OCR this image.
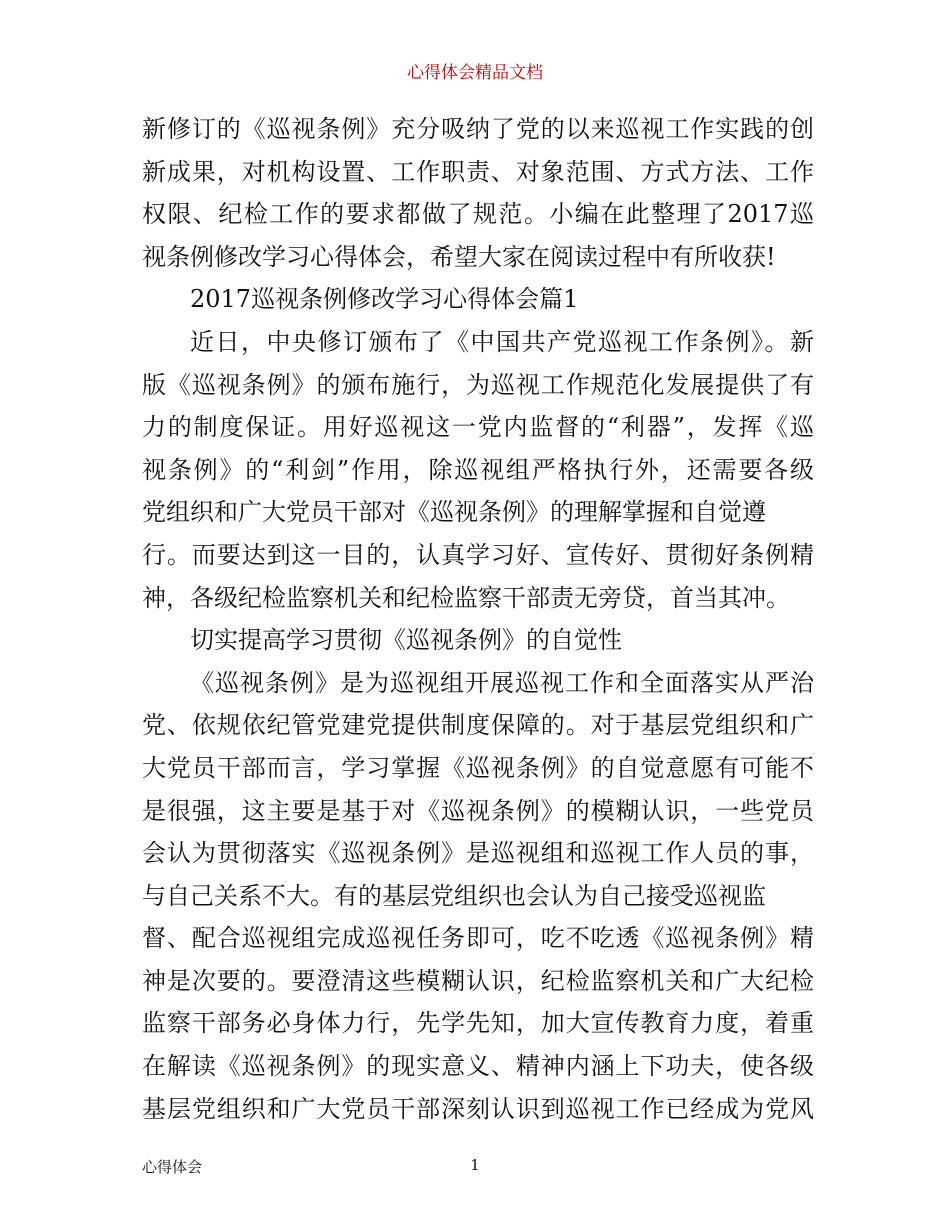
心得体会精品文档
新修订的《巡视条例》充分吸纳了党的以来巡视工作实践的创
新成果，对机构设置、工作职责、对象范围、方式方法、工作
权限、纪检工作的要求都做了规范。小编在此整理了2017巡
视条例修改学习心得体会，希望大家在阅读过程中有所收获!
2017巡视条例修改学习心得体会篇1
近日，中央修订颁布了《中国共产党巡视工作条例》。新
版《巡视条例》的颁布施行，为巡视工作规范化发展提供了有
力的制度保证。用好巡视这一党内监督的“利器”，发挥《巡
视条例》的“利剑”作用，除巡视组严格执行外，还需要各级
党组织和广大党员干部对《巡视条例》的理解掌握和自觉遵
行。而要达到这一目的，认真学习好、宣传好、贯彻好条例精
神，各级纪检监察机关和纪检监察干部责无旁贷，首当其冲。
切实提高学习贯彻《巡视条例》的自觉性
《巡视条例》是为巡视组开展巡视工作和全面落实从严治
党、依规依纪管党建党提供制度保障的。对于基层党组织和广
大党员干部而言，学习掌握《巡视条例》的自觉意愿有可能不
是很强，这主要是基于对《巡视条例》的模糊认识，一些党员
会认为贯彻落实《巡视条例》是巡视组和巡视工作人员的事，
与自己关系不大。有的基层党组织也会认为自己接受巡视监
督、配合巡视组完成巡视任务即可，吃不吃透《巡视条例》精
神是次要的。要澄清这些模糊认识，纪检监察机关和广大纪检
监察干部务必身体力行，先学先知，加大宣传教育力度，着重
在解读《巡视条例》的现实意义、精神内涵上下功夫，使各级
基层党组织和广大党员干部深刻认识到巡视工作已经成为党风
心得体会	1
